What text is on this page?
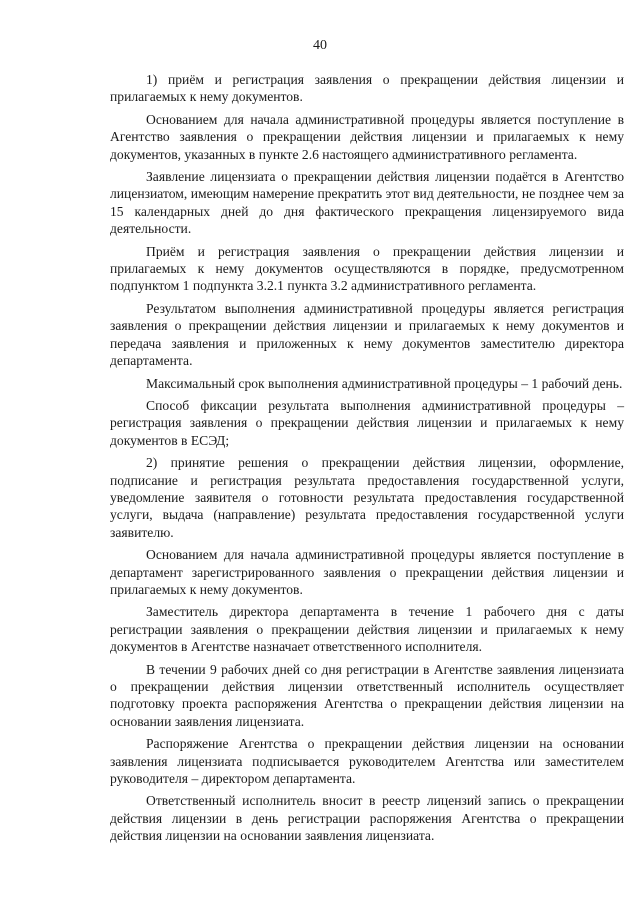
40

1) приём и регистрация заявления о прекращении действия лицензии и прилагаемых к нему документов.

Основанием для начала административной процедуры является поступление в Агентство заявления о прекращении действия лицензии и прилагаемых к нему документов, указанных в пункте 2.6 настоящего административного регламента.

Заявление лицензиата о прекращении действия лицензии подаётся в Агентство лицензиатом, имеющим намерение прекратить этот вид деятельности, не позднее чем за 15 календарных дней до дня фактического прекращения лицензируемого вида деятельности.

Приём и регистрация заявления о прекращении действия лицензии и прилагаемых к нему документов осуществляются в порядке, предусмотренном подпунктом 1 подпункта 3.2.1 пункта 3.2 административного регламента.

Результатом выполнения административной процедуры является регистрация заявления о прекращении действия лицензии и прилагаемых к нему документов и передача заявления и приложенных к нему документов заместителю директора департамента.

Максимальный срок выполнения административной процедуры – 1 рабочий день.

Способ фиксации результата выполнения административной процедуры – регистрация заявления о прекращении действия лицензии и прилагаемых к нему документов в ЕСЭД;

2) принятие решения о прекращении действия лицензии, оформление, подписание и регистрация результата предоставления государственной услуги, уведомление заявителя о готовности результата предоставления государственной услуги, выдача (направление) результата предоставления государственной услуги заявителю.

Основанием для начала административной процедуры является поступление в департамент зарегистрированного заявления о прекращении действия лицензии и прилагаемых к нему документов.

Заместитель директора департамента в течение 1 рабочего дня с даты регистрации заявления о прекращении действия лицензии и прилагаемых к нему документов в Агентстве назначает ответственного исполнителя.

В течении 9 рабочих дней со дня регистрации в Агентстве заявления лицензиата о прекращении действия лицензии ответственный исполнитель осуществляет подготовку проекта распоряжения Агентства о прекращении действия лицензии на основании заявления лицензиата.

Распоряжение Агентства о прекращении действия лицензии на основании заявления лицензиата подписывается руководителем Агентства или заместителем руководителя – директором департамента.

Ответственный исполнитель вносит в реестр лицензий запись о прекращении действия лицензии в день регистрации распоряжения Агентства о прекращении действия лицензии на основании заявления лицензиата.
